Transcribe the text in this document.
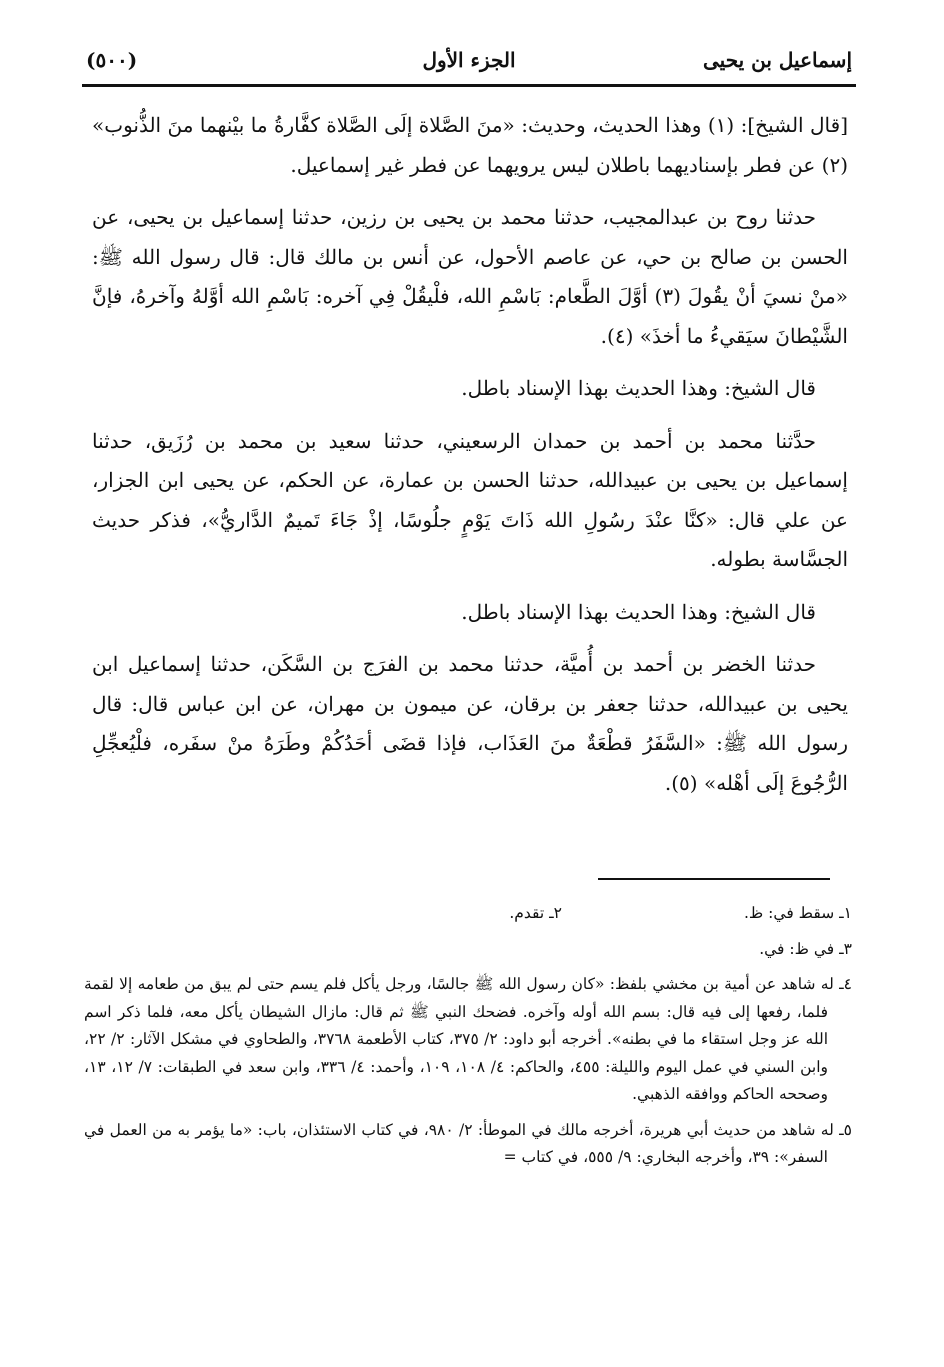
إسماعيل بن يحيى
الجزء الأول
(٥٠٠)

[قال الشيخ]: (١) وهذا الحديث، وحديث: «منَ الصَّلاة إلَى الصَّلاة كفَّارةُ ما بيْنهما منَ الذُّنوب» (٢) عن فطر بإسناديهما باطلان ليس يرويهما عن فطر غير إسماعيل.

حدثنا روح بن عبدالمجيب، حدثنا محمد بن يحيى بن رزين، حدثنا إسماعيل بن يحيى، عن الحسن بن صالح بن حي، عن عاصم الأحول، عن أنس بن مالك قال: قال رسول الله ﷺ: «منْ نسيَ أنْ يقُولَ (٣) أوَّلَ الطَّعام: بَاسْمِ الله، فلْيقُلْ فِي آخره: بَاسْمِ الله أوَّلهُ وآخرهُ، فإنَّ الشَّيْطانَ سيَقيءُ ما أخذَ» (٤).

قال الشيخ: وهذا الحديث بهذا الإسناد باطل.

حدَّثنا محمد بن أحمد بن حمدان الرسعيني، حدثنا سعيد بن محمد بن رُزَيق، حدثنا إسماعيل بن يحيى بن عبيدالله، حدثنا الحسن بن عمارة، عن الحكم، عن يحيى ابن الجزار، عن علي قال: «كنَّا عنْدَ رسُولِ الله ذَاتَ يَوْمٍ جلُوسًا، إذْ جَاءَ تَميمٌ الدَّاريُّ»، فذكر حديث الجسَّاسة بطوله.

قال الشيخ: وهذا الحديث بهذا الإسناد باطل.

حدثنا الخضر بن أحمد بن أُميَّة، حدثنا محمد بن الفرَج بن السَّكَن، حدثنا إسماعيل ابن يحيى بن عبيدالله، حدثنا جعفر بن برقان، عن ميمون بن مهران، عن ابن عباس قال: قال رسول الله ﷺ: «السَّفَرُ قطْعَةٌ منَ العَذَاب، فإذا قضَى أحَدُكُمْ وطَرَهُ منْ سفَره، فلْيُعجِّلِ الرُّجُوعَ إلَى أهْله» (٥).

١ـ سقط في: ظ.

٢ـ تقدم.

٣ـ في ظ: في.

٤ـ له شاهد عن أمية بن مخشي بلفظ: «كان رسول الله ﷺ جالسًا، ورجل يأكل فلم يسم حتى لم يبق من طعامه إلا لقمة فلما، رفعها إلى فيه قال: بسم الله أوله وآخره. فضحك النبي ﷺ ثم قال: مازال الشيطان يأكل معه، فلما ذكر اسم الله عز وجل استقاء ما في بطنه». أخرجه أبو داود: ٢/ ٣٧٥، كتاب الأطعمة ٣٧٦٨، والطحاوي في مشكل الآثار: ٢/ ٢٢، وابن السني في عمل اليوم والليلة: ٤٥٥، والحاكم: ٤/ ١٠٨، ١٠٩، وأحمد: ٤/ ٣٣٦، وابن سعد في الطبقات: ٧/ ١٢، ١٣، وصححه الحاكم ووافقه الذهبي.

٥ـ له شاهد من حديث أبي هريرة، أخرجه مالك في الموطأ: ٢/ ٩٨٠، في كتاب الاستئذان، باب: «ما يؤمر به من العمل في السفر»: ٣٩، وأخرجه البخاري: ٩/ ٥٥٥، في كتاب =
